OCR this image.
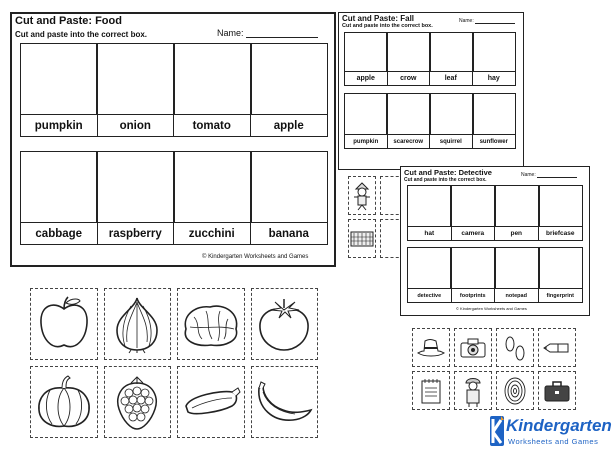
Cut and Paste: Food
Cut and paste into the correct box.	Name:
pumpkin	onion	tomato	apple
cabbage	raspberry	zucchini	banana
© Kindergarten Worksheets and Games
Cut and Paste: Fall
Cut and paste into the correct box.
Name:
apple	crow	leaf	hay
pumpkin	scarecrow	squirrel	sunflower
Cut and Paste: Detective
Cut and paste into the correct box.
Name:
hat	camera	pen	briefcase
detective	footprints	notepad	fingerprint
© Kindergarten Worksheets and Games
Kindergarten
Worksheets and Games
